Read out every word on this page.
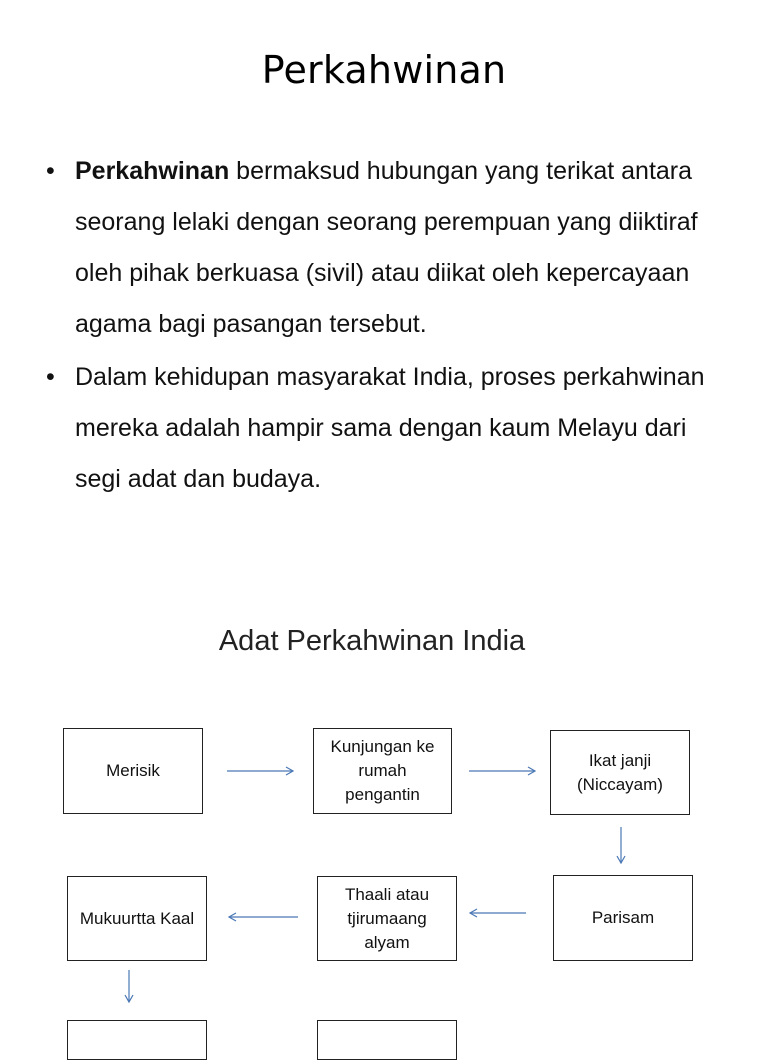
Perkahwinan
• Perkahwinan bermaksud hubungan yang terikat antara seorang lelaki dengan seorang perempuan yang diiktiraf oleh pihak berkuasa (sivil) atau diikat oleh kepercayaan agama bagi pasangan tersebut.
• Dalam kehidupan masyarakat India, proses perkahwinan mereka adalah hampir sama dengan kaum Melayu dari segi adat dan budaya.
Adat Perkahwinan India
Merisik
Kunjungan ke rumah pengantin
Ikat janji (Niccayam)
Parisam
Thaali atau tjirumaang alyam
Mukuurtta Kaal
